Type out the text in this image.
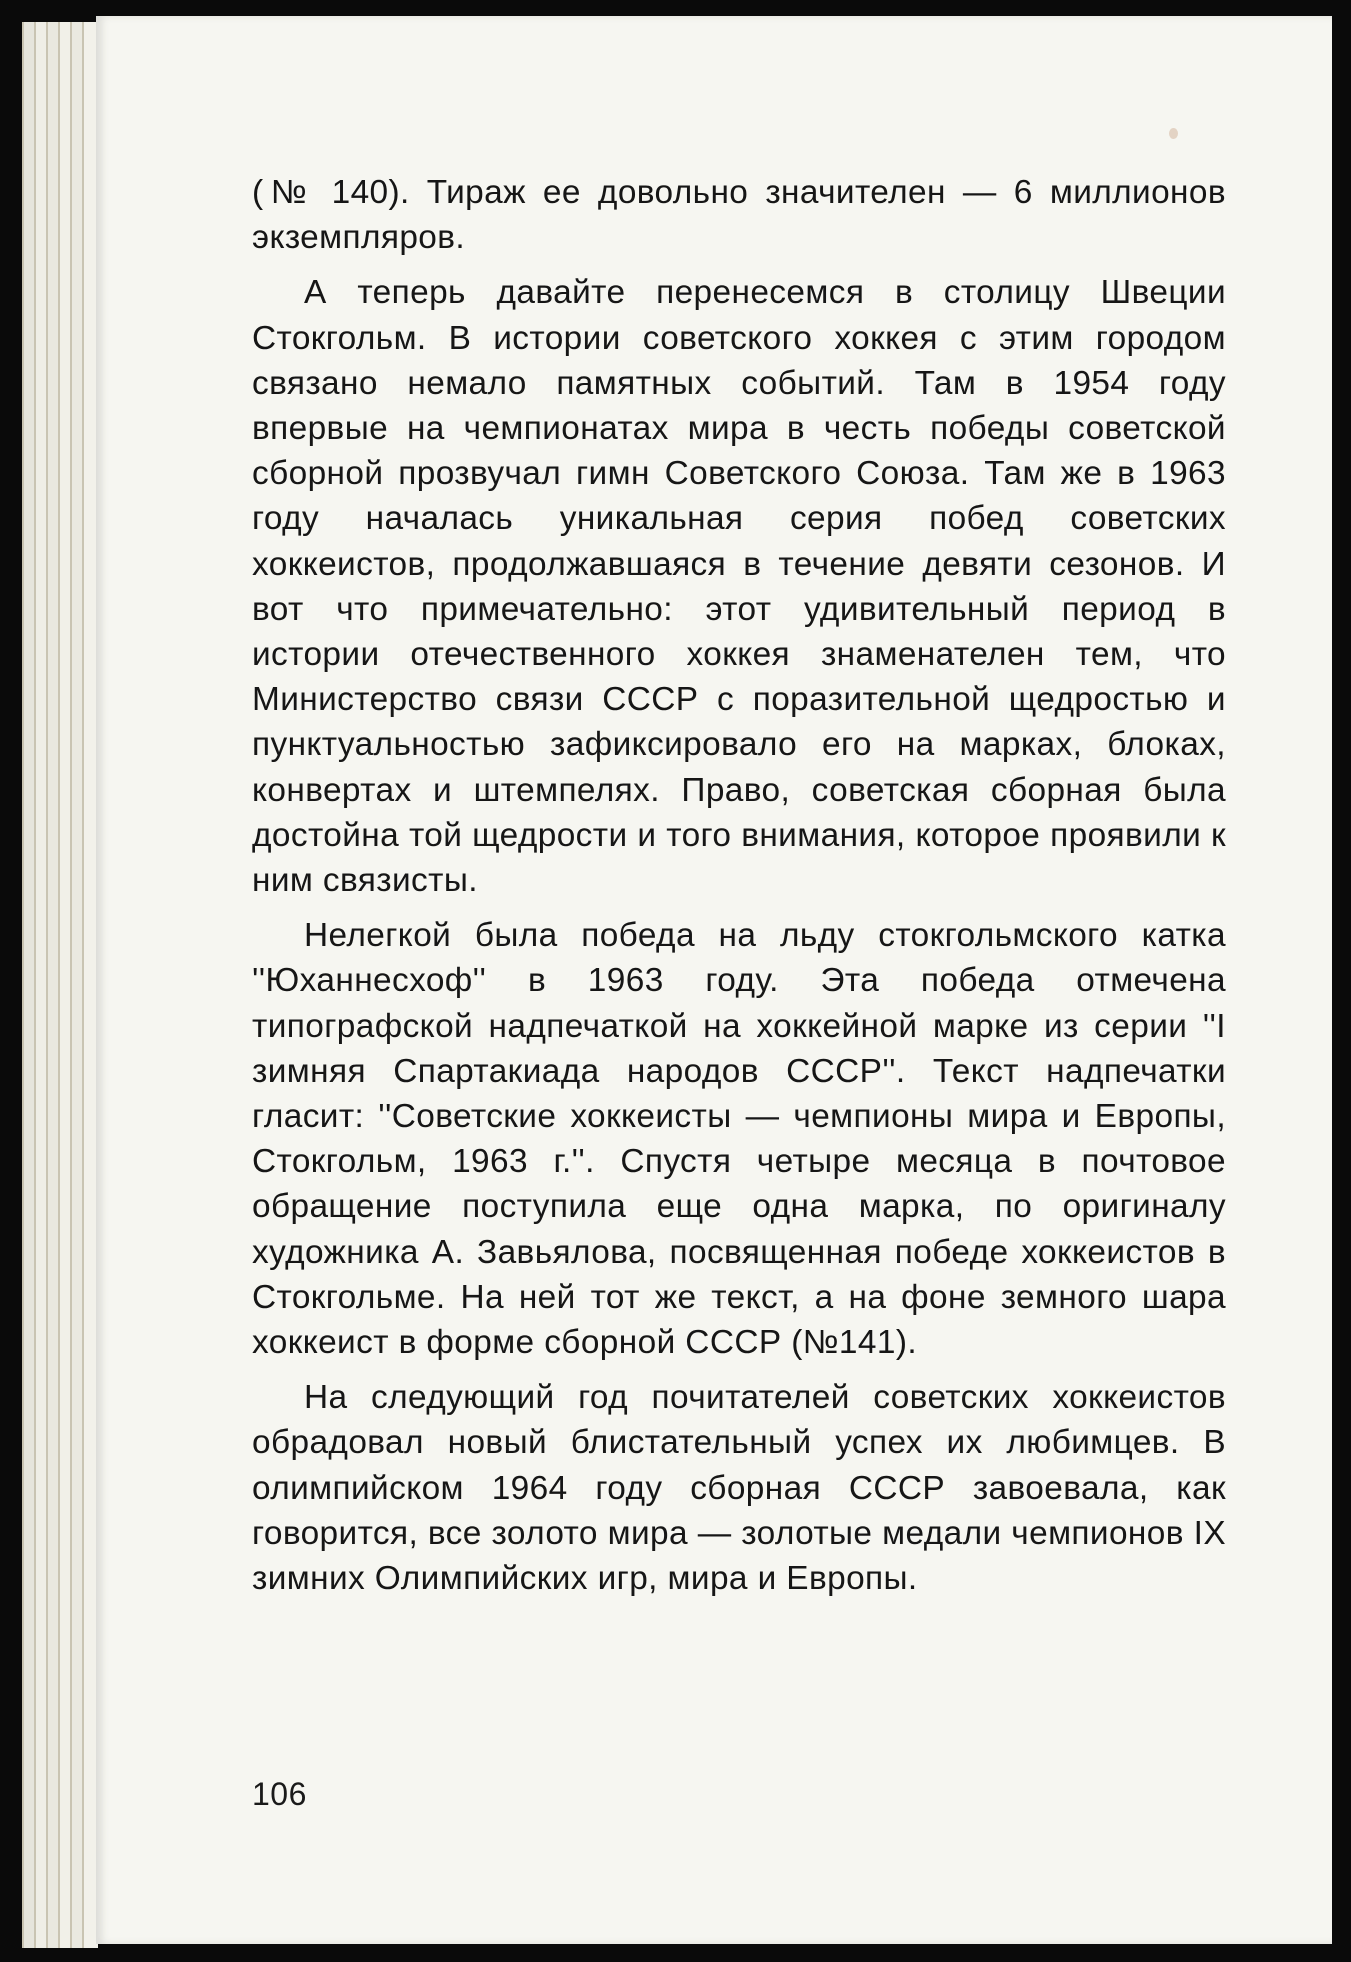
(№ 140). Тираж ее довольно значителен — 6 миллионов экземпляров.

А теперь давайте перенесемся в столицу Швеции Стокгольм. В истории советского хоккея с этим городом связано немало памятных событий. Там в 1954 году впервые на чемпионатах мира в честь победы советской сборной прозвучал гимн Советского Союза. Там же в 1963 году началась уникальная серия побед советских хоккеистов, продолжавшаяся в течение девяти сезонов. И вот что примечательно: этот удивительный период в истории отечественного хоккея знаменателен тем, что Министерство связи СССР с поразительной щедростью и пунктуальностью зафиксировало его на марках, блоках, конвертах и штемпелях. Право, советская сборная была достойна той щедрости и того внимания, которое проявили к ним связисты.

Нелегкой была победа на льду стокгольмского катка ''Юханнесхоф'' в 1963 году. Эта победа отмечена типографской надпечаткой на хоккейной марке из серии ''I зимняя Спартакиада народов СССР''. Текст надпечатки гласит: ''Советские хоккеисты — чемпионы мира и Европы, Стокгольм, 1963 г.''. Спустя четыре месяца в почтовое обращение поступила еще одна марка, по оригиналу художника А. Завьялова, посвященная победе хоккеистов в Стокгольме. На ней тот же текст, а на фоне земного шара хоккеист в форме сборной СССР (№141).

На следующий год почитателей советских хоккеистов обрадовал новый блистательный успех их любимцев. В олимпийском 1964 году сборная СССР завоевала, как говорится, все золото мира — золотые медали чемпионов IX зимних Олимпийских игр, мира и Европы.

106
